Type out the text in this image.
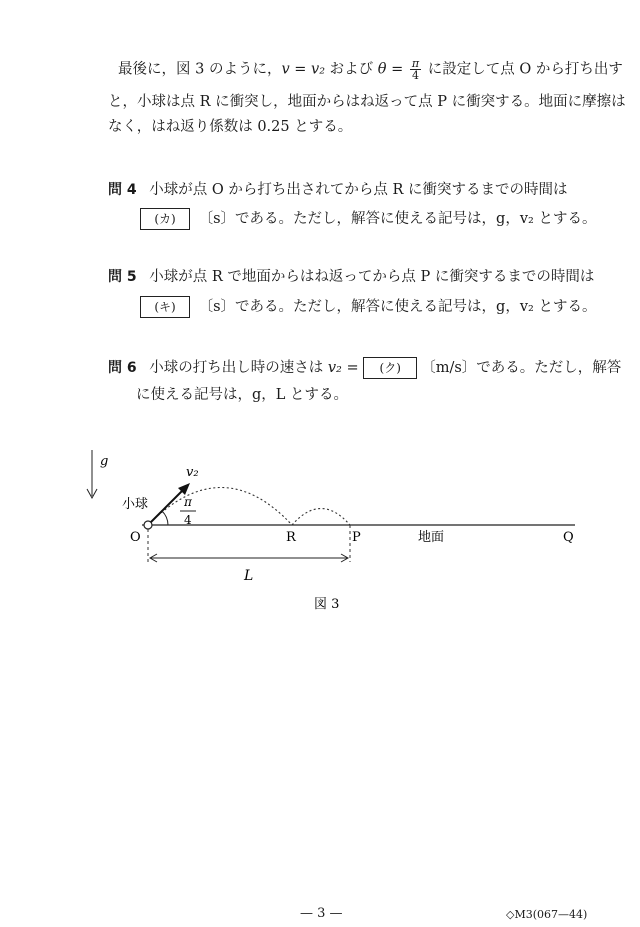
最後に，図 3 のように，v = v₂ および $\theta = \frac{\pi}{4}$ に設定して点 O から打ち出す
と，小球は点 R に衝突し，地面からはね返って点 P に衝突する。地面に摩擦は
なく，はね返り係数は 0.25 とする。
問 4 小球が点 O から打ち出されてから点 R に衝突するまでの時間は
(カ) 〔s〕である。ただし，解答に使える記号は，g，v₂ とする。
問 5 小球が点 R で地面からはね返ってから点 P に衝突するまでの時間は
(キ) 〔s〕である。ただし，解答に使える記号は，g，v₂ とする。
問 6 小球の打ち出し時の速さは v₂ = (ク) 〔m/s〕である。ただし，解答
に使える記号は，g，L とする。
g
v₂
π
4
小球
O	R	P	地面	Q
L
図 3
— 3 —	◇M3(067—44)
